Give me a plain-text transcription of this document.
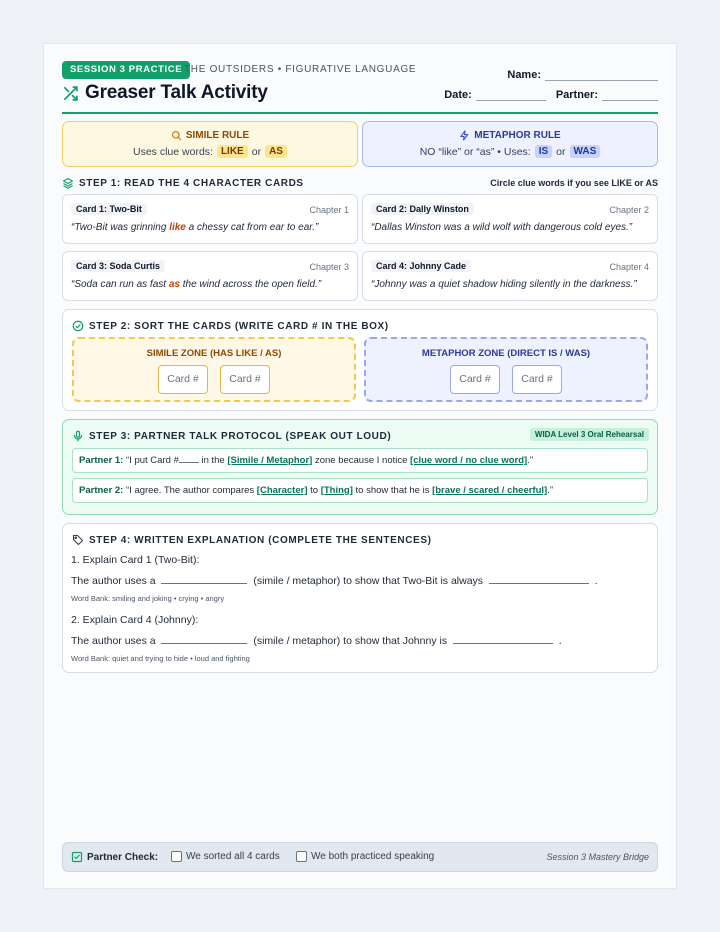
SESSION 3 PRACTICE THE OUTSIDERS • FIGURATIVE LANGUAGE
Greaser Talk Activity
Name:
Date:	Partner:
SIMILE RULE
Uses clue words: LIKE or AS
METAPHOR RULE
NO “like” or “as” • Uses: IS or WAS
STEP 1: READ THE 4 CHARACTER CARDS	Circle clue words if you see LIKE or AS
Card 1: Two-Bit	Chapter 1
“Two-Bit was grinning like a chessy cat from ear to ear.”
Card 2: Dally Winston	Chapter 2
“Dallas Winston was a wild wolf with dangerous cold eyes.”
Card 3: Soda Curtis	Chapter 3
“Soda can run as fast as the wind across the open field.”
Card 4: Johnny Cade	Chapter 4
“Johnny was a quiet shadow hiding silently in the darkness.”
STEP 2: SORT THE CARDS (WRITE CARD # IN THE BOX)
SIMILE ZONE (HAS LIKE / AS)
Card #	Card #
METAPHOR ZONE (DIRECT IS / WAS)
Card #	Card #
STEP 3: PARTNER TALK PROTOCOL (SPEAK OUT LOUD)	WIDA Level 3 Oral Rehearsal
Partner 1: “I put Card # in the [Simile / Metaphor] zone because I notice [clue word / no clue word].”
Partner 2: “I agree. The author compares [Character] to [Thing] to show that he is [brave / scared / cheerful].”
STEP 4: WRITTEN EXPLANATION (COMPLETE THE SENTENCES)
1. Explain Card 1 (Two-Bit):
The author uses a	(simile / metaphor) to show that Two-Bit is always	.
Word Bank: smiling and joking • crying • angry
2. Explain Card 4 (Johnny):
The author uses a	(simile / metaphor) to show that Johnny is	.
Word Bank: quiet and trying to hide • loud and fighting
Partner Check:	We sorted all 4 cards	We both practiced speaking	Session 3 Mastery Bridge
